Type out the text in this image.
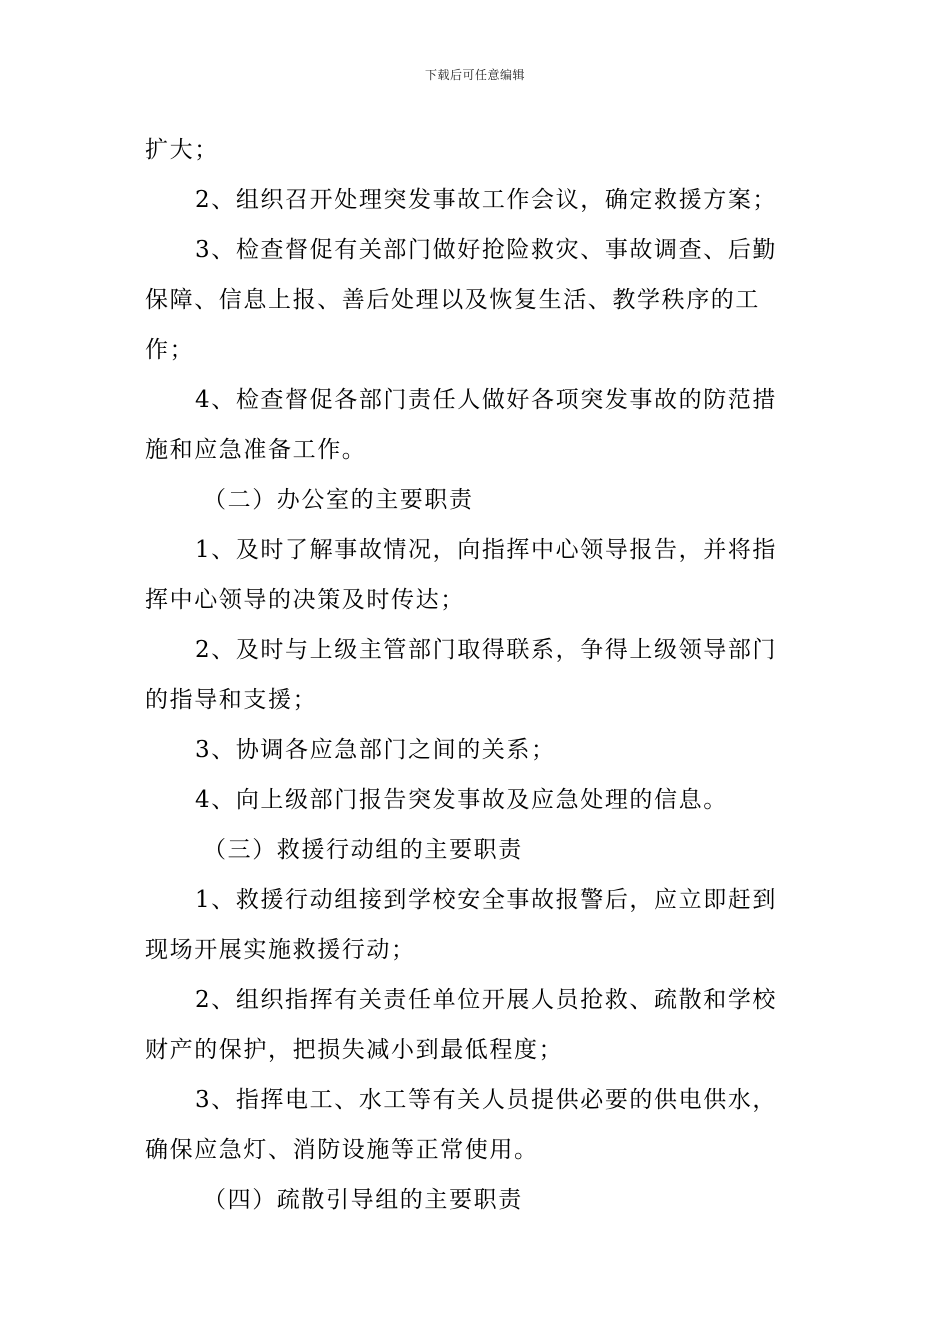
下载后可任意编辑
扩大；
2、组织召开处理突发事故工作会议，确定救援方案；
3、检查督促有关部门做好抢险救灾、事故调查、后勤
保障、信息上报、善后处理以及恢复生活、教学秩序的工
作；
4、检查督促各部门责任人做好各项突发事故的防范措
施和应急准备工作。
（二）办公室的主要职责
1、及时了解事故情况，向指挥中心领导报告，并将指
挥中心领导的决策及时传达；
2、及时与上级主管部门取得联系，争得上级领导部门
的指导和支援；
3、协调各应急部门之间的关系；
4、向上级部门报告突发事故及应急处理的信息。
（三）救援行动组的主要职责
1、救援行动组接到学校安全事故报警后，应立即赶到
现场开展实施救援行动；
2、组织指挥有关责任单位开展人员抢救、疏散和学校
财产的保护，把损失减小到最低程度；
3、指挥电工、水工等有关人员提供必要的供电供水，
确保应急灯、消防设施等正常使用。
（四）疏散引导组的主要职责
